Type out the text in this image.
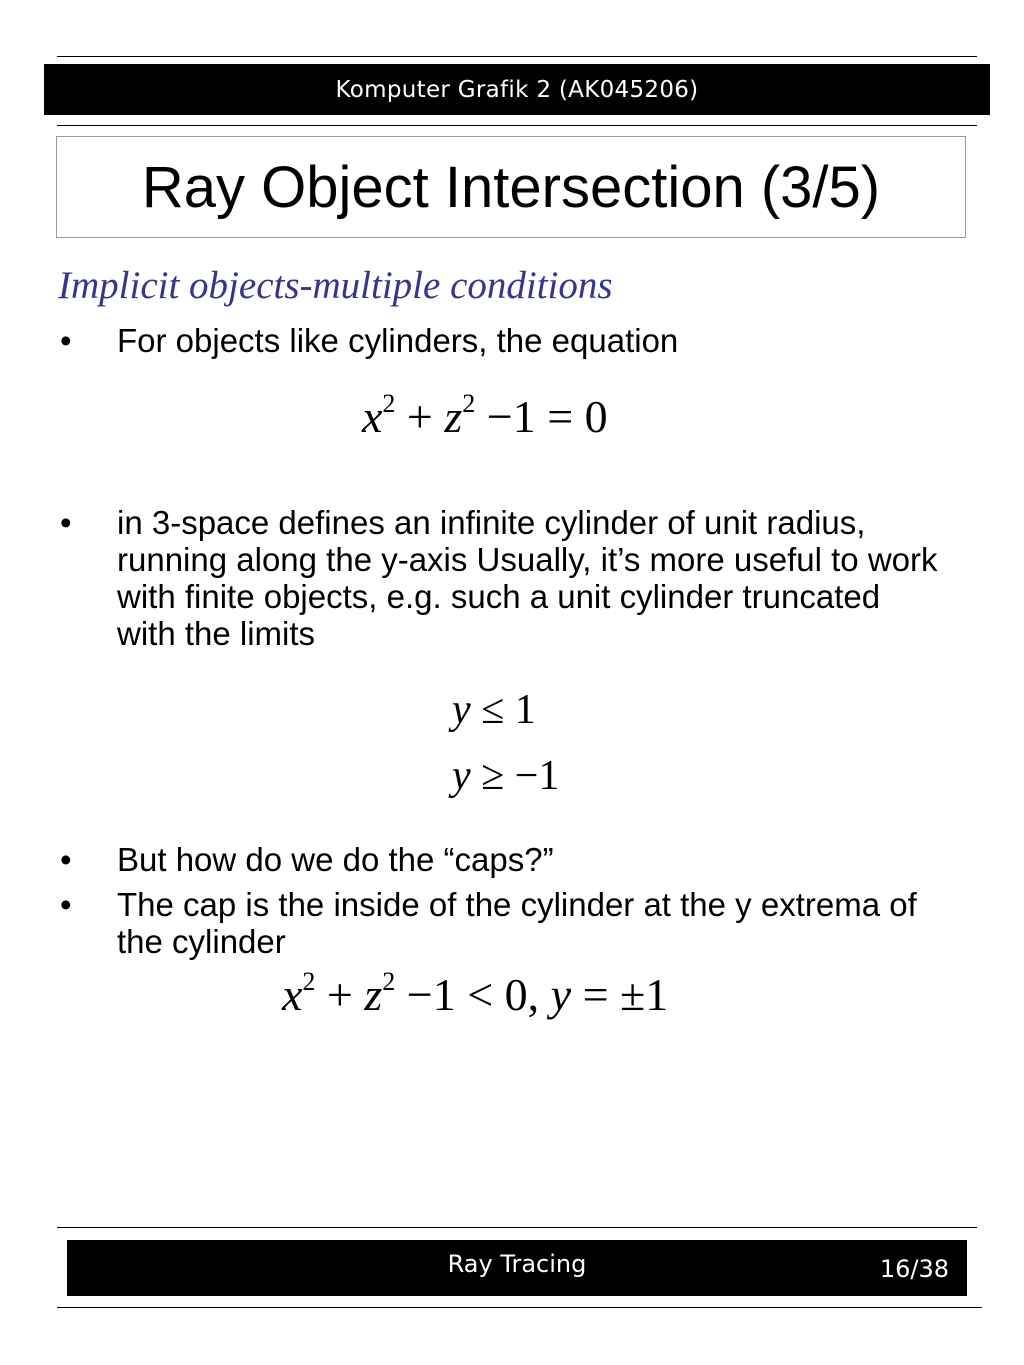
Komputer Grafik 2 (AK045206)
Ray Object Intersection (3/5)
Implicit objects-multiple conditions
•	For objects like cylinders, the equation
$x^2 + z^2 -1 = 0$
•	in 3-space defines an infinite cylinder of unit radius, running along the y-axis Usually, it’s more useful to work with finite objects, e.g. such a unit cylinder truncated with the limits
y ≤ 1
y ≥ −1
•	But how do we do the “caps?”
•	The cap is the inside of the cylinder at the y extrema of the cylinder
$x^2 + z^2 -1 < 0$, y = ±1
Ray Tracing	16/38
